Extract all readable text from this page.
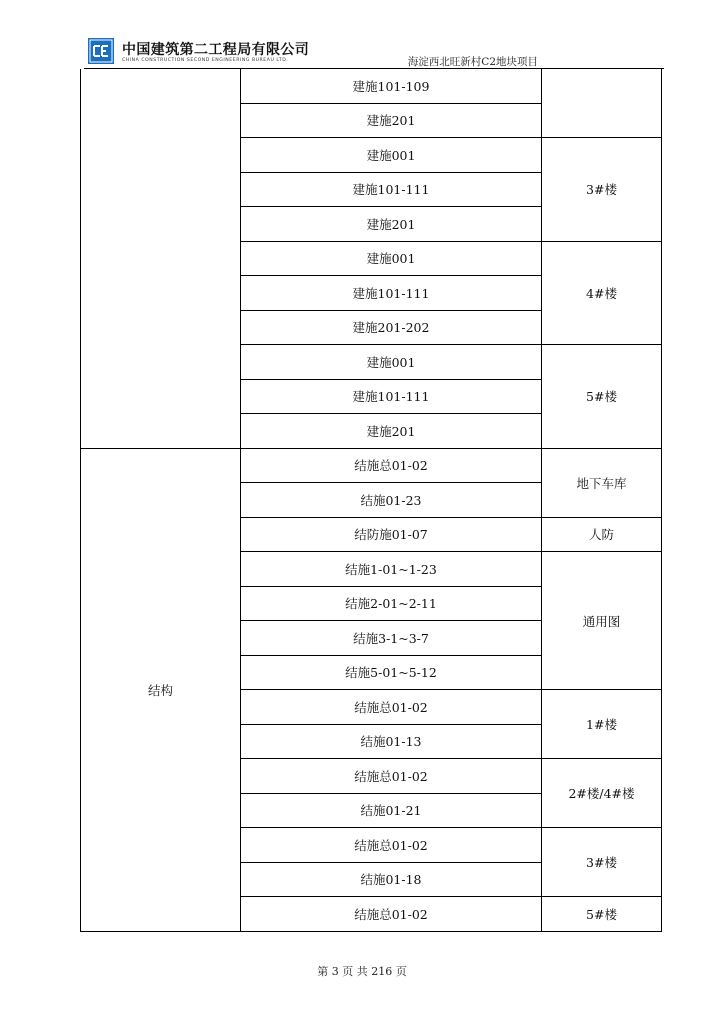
中国建筑第二工程局有限公司
CHINA CONSTRUCTION SECOND ENGINEERING BUREAU LTD.	海淀西北旺新村C2地块项目
	建施101-109	
	建施201	
	建施001	3#楼
	建施101-111	
	建施201	
	建施001	4#楼
	建施101-111	
	建施201-202	
	建施001	5#楼
	建施101-111	
	建施201	
结构	结施总01-02	地下车库
	结施01-23	
	结防施01-07	人防
	结施1-01~1-23	通用图
	结施2-01~2-11	
	结施3-1~3-7	
	结施5-01~5-12	
	结施总01-02	1#楼
	结施01-13	
	结施总01-02	2#楼/4#楼
	结施01-21	
	结施总01-02	3#楼
	结施01-18	
	结施总01-02	5#楼
第 3 页 共 216 页
